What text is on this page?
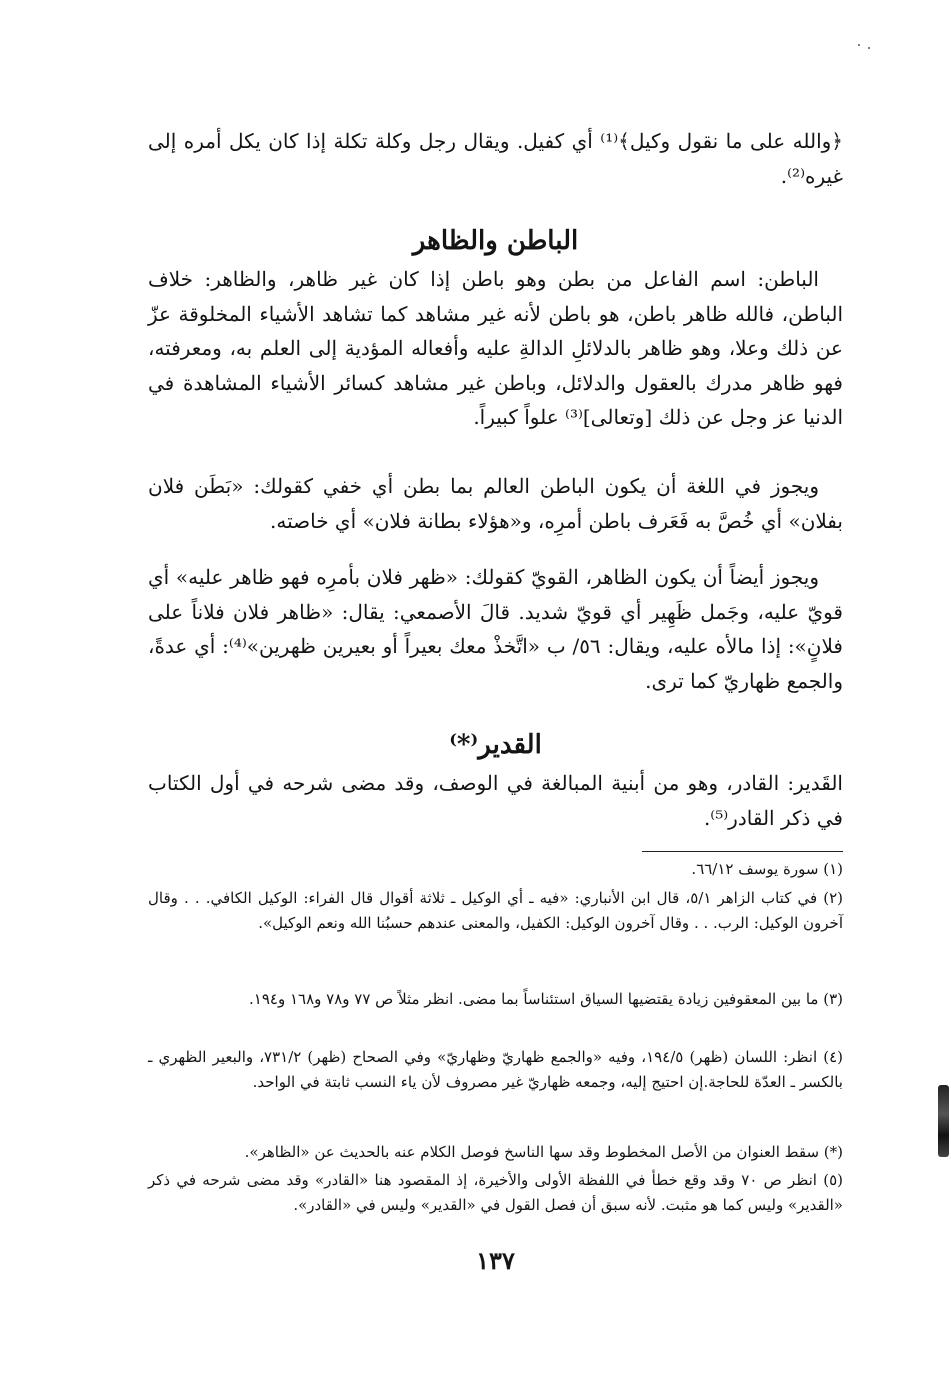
﴿والله على ما نقول وكيل﴾⁽¹⁾ أي كفيل. ويقال رجل وكلة تكلة إذا كان يكل أمره إلى غيره⁽²⁾.

الباطن والظاهر

الباطن: اسم الفاعل من بطن وهو باطن إذا كان غير ظاهر، والظاهر: خلاف الباطن، فالله ظاهر باطن، هو باطن لأنه غير مشاهد كما تشاهد الأشياء المخلوقة عزّ عن ذلك وعلا، وهو ظاهر بالدلائلِ الدالةِ عليه وأفعاله المؤدية إلى العلم به، ومعرفته، فهو ظاهر مدرك بالعقول والدلائل، وباطن غير مشاهد كسائر الأشياء المشاهدة في الدنيا عز وجل عن ذلك [وتعالى]⁽³⁾ علواً كبيراً.

ويجوز في اللغة أن يكون الباطن العالم بما بطن أي خفي كقولك: «بَطَن فلان بفلان» أي خُصَّ به فَعَرف باطن أمرِه، و«هؤلاء بطانة فلان» أي خاصته.

ويجوز أيضاً أن يكون الظاهر، القويّ كقولك: «ظهر فلان بأمرِه فهو ظاهر عليه» أي قويّ عليه، وجَمل ظَهِير أي قويّ شديد. قالَ الأصمعي: يقال: «ظاهر فلان فلاناً على فلانٍ»: إذا مالأه عليه، ويقال: ٥٦/ ب «اتَّخذْ معك بعيراً أو بعيرين ظهرين»⁽⁴⁾: أي عدةً، والجمع ظهاريّ كما ترى.

القدير⁽*⁾

القَدير: القادر، وهو من أبنية المبالغة في الوصف، وقد مضى شرحه في أول الكتاب في ذكر القادر⁽⁵⁾.

(١) سورة يوسف ٦٦/١٢.

(٢) في كتاب الزاهر ٥/١، قال ابن الأنباري: «فيه ـ أي الوكيل ـ ثلاثة أقوال قال الفراء: الوكيل الكافي. . . وقال آخرون الوكيل: الرب. . . وقال آخرون الوكيل: الكفيل، والمعنى عندهم حسبُنا الله ونعم الوكيل».

(٣) ما بين المعقوفين زيادة يقتضيها السياق استئناساً بما مضى. انظر مثلاً ص ٧٧ و٧٨ و١٦٨ و١٩٤.

(٤) انظر: اللسان (ظهر) ١٩٤/٥، وفيه «والجمع ظهاريّ وظهاريّ» وفي الصحاح (ظهر) ٧٣١/٢، والبعير الظهري ـ بالكسر ـ العدّة للحاجة.إن احتيج إليه، وجمعه ظهاريّ غير مصروف لأن ياء النسب ثابتة في الواحد.

(*) سقط العنوان من الأصل المخطوط وقد سها الناسخ فوصل الكلام عنه بالحديث عن «الظاهر».

(٥) انظر ص ٧٠ وقد وقع خطأ في اللفظة الأولى والأخيرة، إذ المقصود هنا «القادر» وقد مضى شرحه في ذكر «القدير» وليس كما هو مثبت. لأنه سبق أن فصل القول في «القدير» وليس في «القادر».

١٣٧
